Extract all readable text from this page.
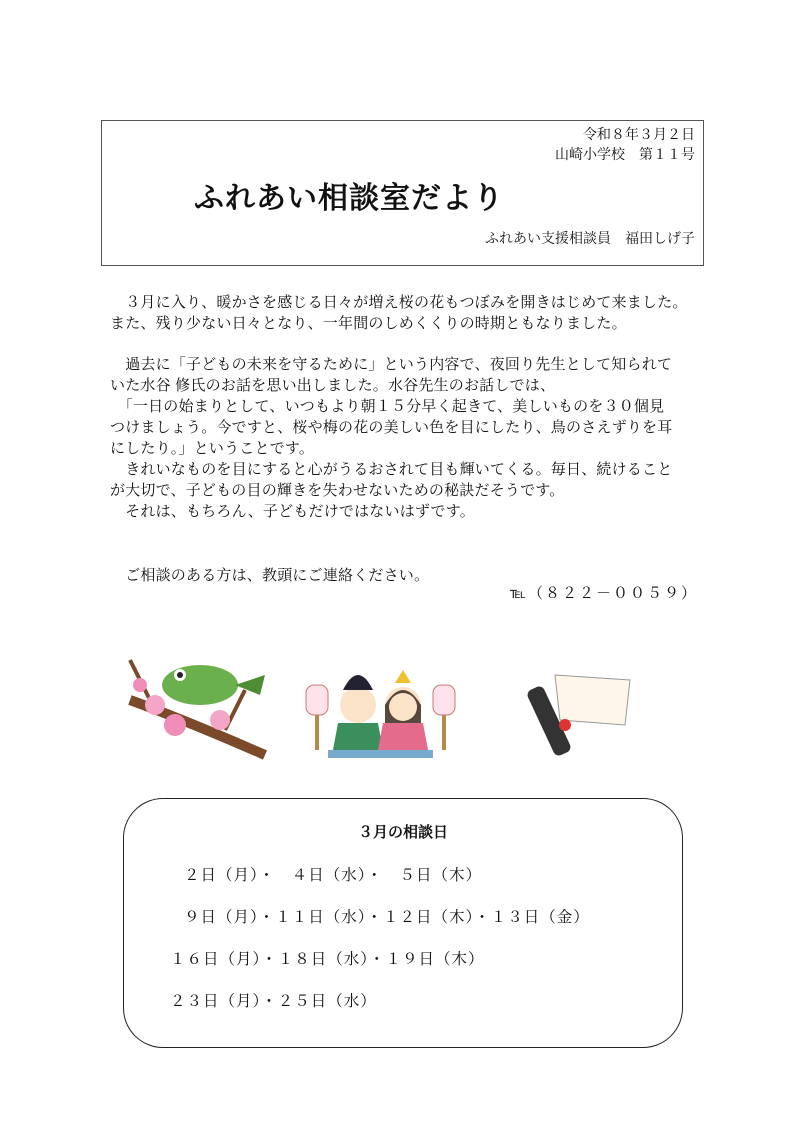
令和８年３月２日
山崎小学校　第１１号
ふれあい相談室だより
ふれあい支援相談員　福田しげ子
　３月に入り、暖かさを感じる日々が増え桜の花もつぼみを開きはじめて来ました。
また、残り少ない日々となり、一年間のしめくくりの時期ともなりました。
　過去に「子どもの未来を守るために」という内容で、夜回り先生として知られて
いた水谷 修氏のお話を思い出しました。水谷先生のお話しでは、
　「一日の始まりとして、いつもより朝１５分早く起きて、美しいものを３０個見
つけましょう。今ですと、桜や梅の花の美しい色を目にしたり、鳥のさえずりを耳
にしたり。」ということです。
　きれいなものを目にすると心がうるおされて目も輝いてくる。毎日、続けること
が大切で、子どもの目の輝きを失わせないための秘訣だそうです。
　それは、もちろん、子どもだけではないはずです。
　ご相談のある方は、教頭にご連絡ください。
℡（８２２－００５９）
３月の相談日
２日（月）・　４日（水）・　５日（木）
９日（月）・１１日（水）・１２日（木）・１３日（金）
１６日（月）・１８日（水）・１９日（木）
２３日（月）・２５日（水）
